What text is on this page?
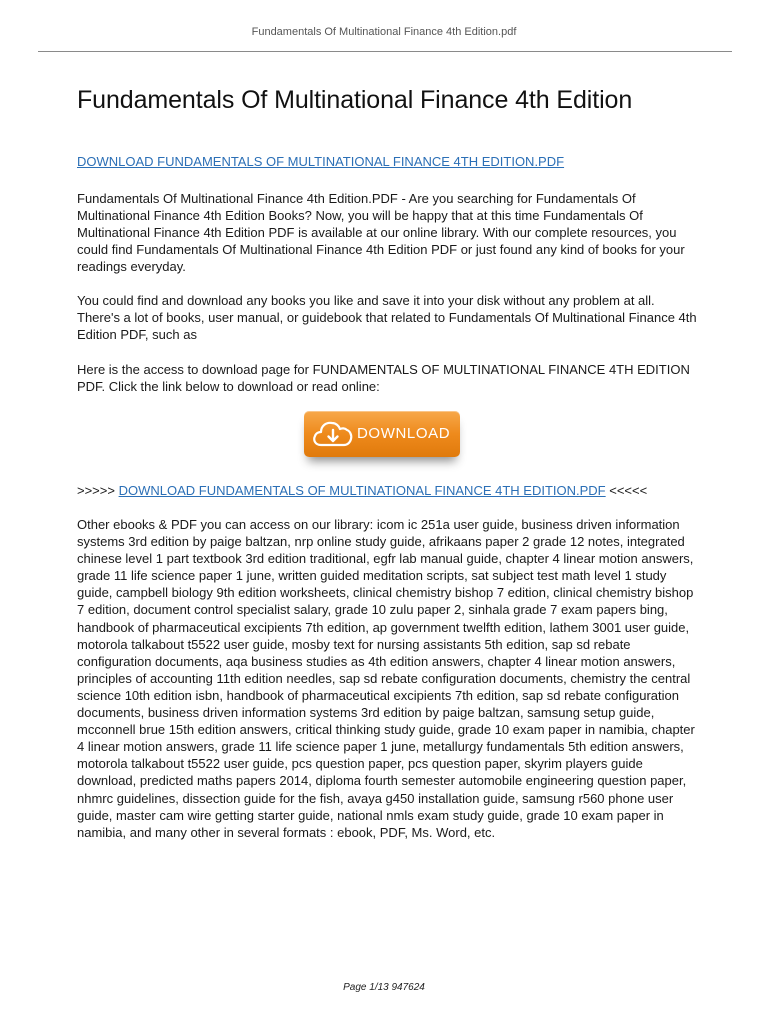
Fundamentals Of Multinational Finance 4th Edition.pdf
Fundamentals Of Multinational Finance 4th Edition
DOWNLOAD FUNDAMENTALS OF MULTINATIONAL FINANCE 4TH EDITION.PDF
Fundamentals Of Multinational Finance 4th Edition.PDF - Are you searching for Fundamentals Of Multinational Finance 4th Edition Books? Now, you will be happy that at this time Fundamentals Of Multinational Finance 4th Edition PDF is available at our online library. With our complete resources, you could find Fundamentals Of Multinational Finance 4th Edition PDF or just found any kind of books for your readings everyday.
You could find and download any books you like and save it into your disk without any problem at all. There's a lot of books, user manual, or guidebook that related to Fundamentals Of Multinational Finance 4th Edition PDF, such as
Here is the access to download page for FUNDAMENTALS OF MULTINATIONAL FINANCE 4TH EDITION PDF. Click the link below to download or read online:
DOWNLOAD
>>>>> DOWNLOAD FUNDAMENTALS OF MULTINATIONAL FINANCE 4TH EDITION.PDF <<<<<
Other ebooks & PDF you can access on our library: icom ic 251a user guide, business driven information systems 3rd edition by paige baltzan, nrp online study guide, afrikaans paper 2 grade 12 notes, integrated chinese level 1 part textbook 3rd edition traditional, egfr lab manual guide, chapter 4 linear motion answers, grade 11 life science paper 1 june, written guided meditation scripts, sat subject test math level 1 study guide, campbell biology 9th edition worksheets, clinical chemistry bishop 7 edition, clinical chemistry bishop 7 edition, document control specialist salary, grade 10 zulu paper 2, sinhala grade 7 exam papers bing, handbook of pharmaceutical excipients 7th edition, ap government twelfth edition, lathem 3001 user guide, motorola talkabout t5522 user guide, mosby text for nursing assistants 5th edition, sap sd rebate configuration documents, aqa business studies as 4th edition answers, chapter 4 linear motion answers, principles of accounting 11th edition needles, sap sd rebate configuration documents, chemistry the central science 10th edition isbn, handbook of pharmaceutical excipients 7th edition, sap sd rebate configuration documents, business driven information systems 3rd edition by paige baltzan, samsung setup guide, mcconnell brue 15th edition answers, critical thinking study guide, grade 10 exam paper in namibia, chapter 4 linear motion answers, grade 11 life science paper 1 june, metallurgy fundamentals 5th edition answers, motorola talkabout t5522 user guide, pcs question paper, pcs question paper, skyrim players guide download, predicted maths papers 2014, diploma fourth semester automobile engineering question paper, nhmrc guidelines, dissection guide for the fish, avaya g450 installation guide, samsung r560 phone user guide, master cam wire getting starter guide, national nmls exam study guide, grade 10 exam paper in namibia, and many other in several formats : ebook, PDF, Ms. Word, etc.
Page 1/13 947624
